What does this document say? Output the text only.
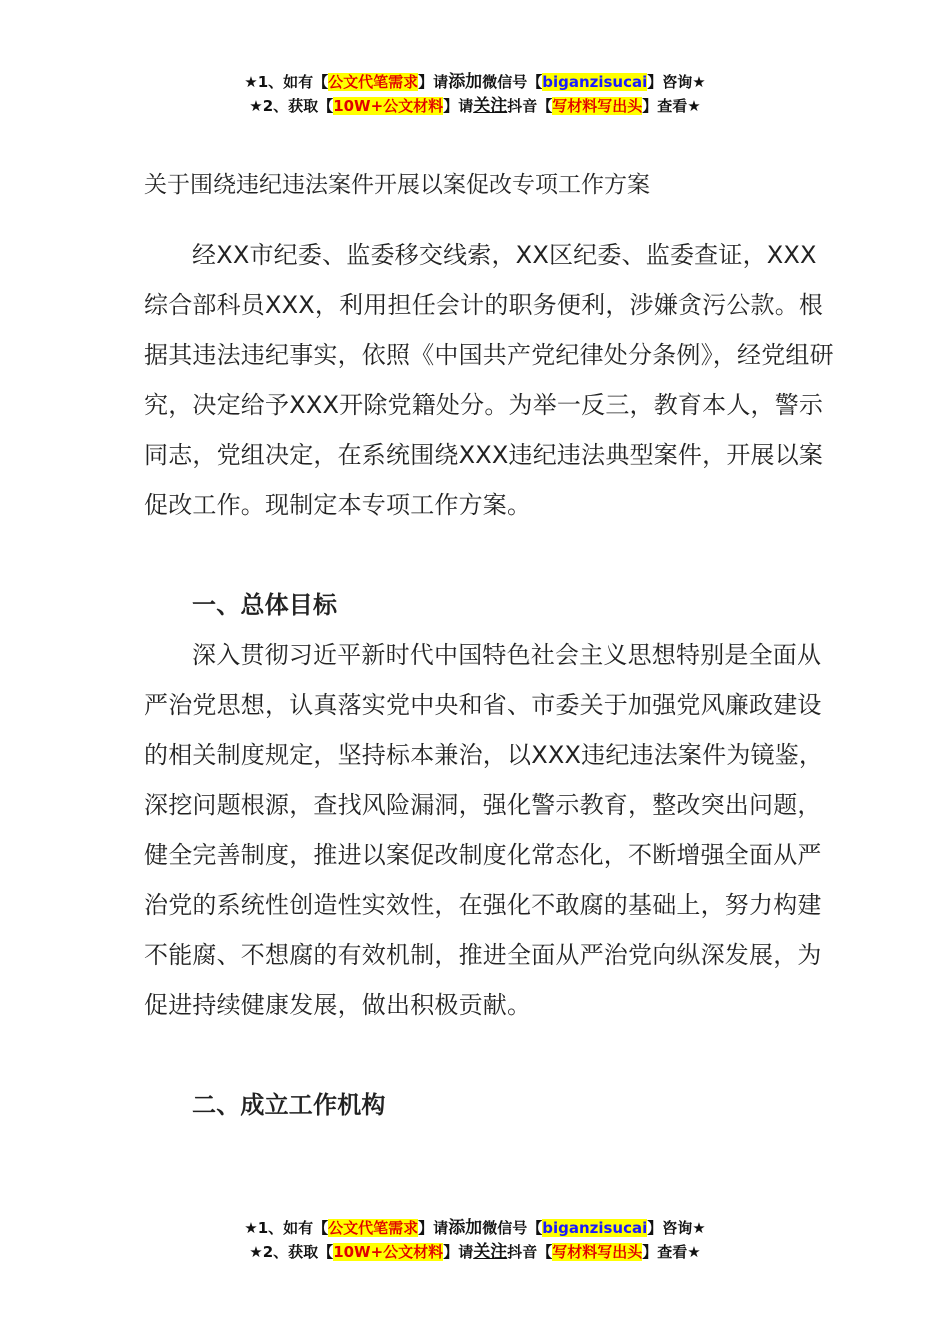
★1、如有【公文代笔需求】请添加微信号【biganzisucai】咨询★
★2、获取【10W+公文材料】请关注抖音【写材料写出头】查看★
关于围绕违纪违法案件开展以案促改专项工作方案

经XX市纪委、监委移交线索，XX区纪委、监委查证，XXX综合部科员XXX，利用担任会计的职务便利，涉嫌贪污公款。根据其违法违纪事实，依照《中国共产党纪律处分条例》，经党组研究，决定给予XXX开除党籍处分。为举一反三，教育本人，警示同志，党组决定，在系统围绕XXX违纪违法典型案件，开展以案促改工作。现制定本专项工作方案。

一、总体目标

深入贯彻习近平新时代中国特色社会主义思想特别是全面从严治党思想，认真落实党中央和省、市委关于加强党风廉政建设的相关制度规定，坚持标本兼治，以XXX违纪违法案件为镜鉴，深挖问题根源，查找风险漏洞，强化警示教育，整改突出问题，健全完善制度，推进以案促改制度化常态化，不断增强全面从严治党的系统性创造性实效性，在强化不敢腐的基础上，努力构建不能腐、不想腐的有效机制，推进全面从严治党向纵深发展，为促进持续健康发展，做出积极贡献。

二、成立工作机构

★1、如有【公文代笔需求】请添加微信号【biganzisucai】咨询★
★2、获取【10W+公文材料】请关注抖音【写材料写出头】查看★
